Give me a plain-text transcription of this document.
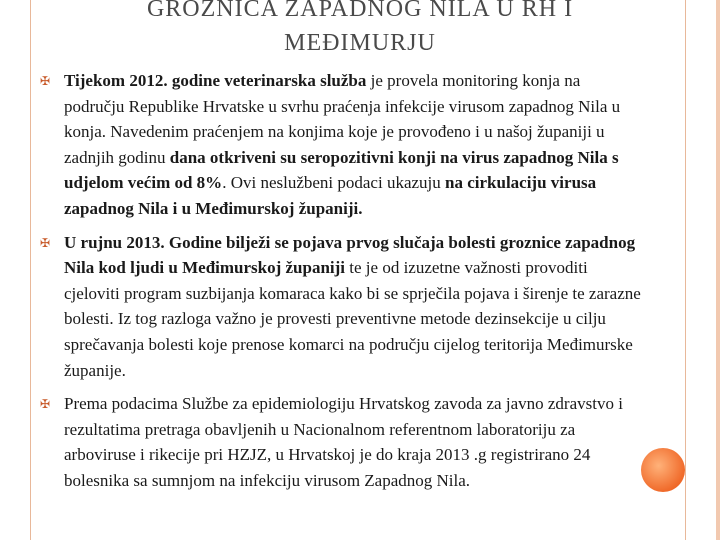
GROZNICA ZAPADNOG NILA U RH I
MEĐIMURJU
✠ Tijekom 2012. godine veterinarska služba je provela monitoring konja na području Republike Hrvatske u svrhu praćenja infekcije virusom zapadnog Nila u konja. Navedenim praćenjem na konjima koje je provođeno i u našoj županiji u zadnjih godinu dana otkriveni su seropozitivni konji na virus zapadnog Nila s udjelom većim od 8%. Ovi neslužbeni podaci ukazuju na cirkulaciju virusa zapadnog Nila i u Međimurskoj županiji.
✠ U rujnu 2013. Godine bilježi se pojava prvog slučaja bolesti groznice zapadnog Nila kod ljudi u Međimurskoj županiji te je od izuzetne važnosti provoditi cjeloviti program suzbijanja komaraca kako bi se sprječila pojava i širenje te zarazne bolesti. Iz tog razloga važno je provesti preventivne metode dezinsekcije u cilju sprečavanja bolesti koje prenose komarci na području cijelog teritorija Međimurske županije.
✠ Prema podacima Službe za epidemiologiju Hrvatskog zavoda za javno zdravstvo i rezultatima pretraga obavljenih u Nacionalnom referentnom laboratoriju za arboviruse i rikecije pri HZJZ, u Hrvatskoj je do kraja 2013 .g registrirano 24 bolesnika sa sumnjom na infekciju virusom Zapadnog Nila.
